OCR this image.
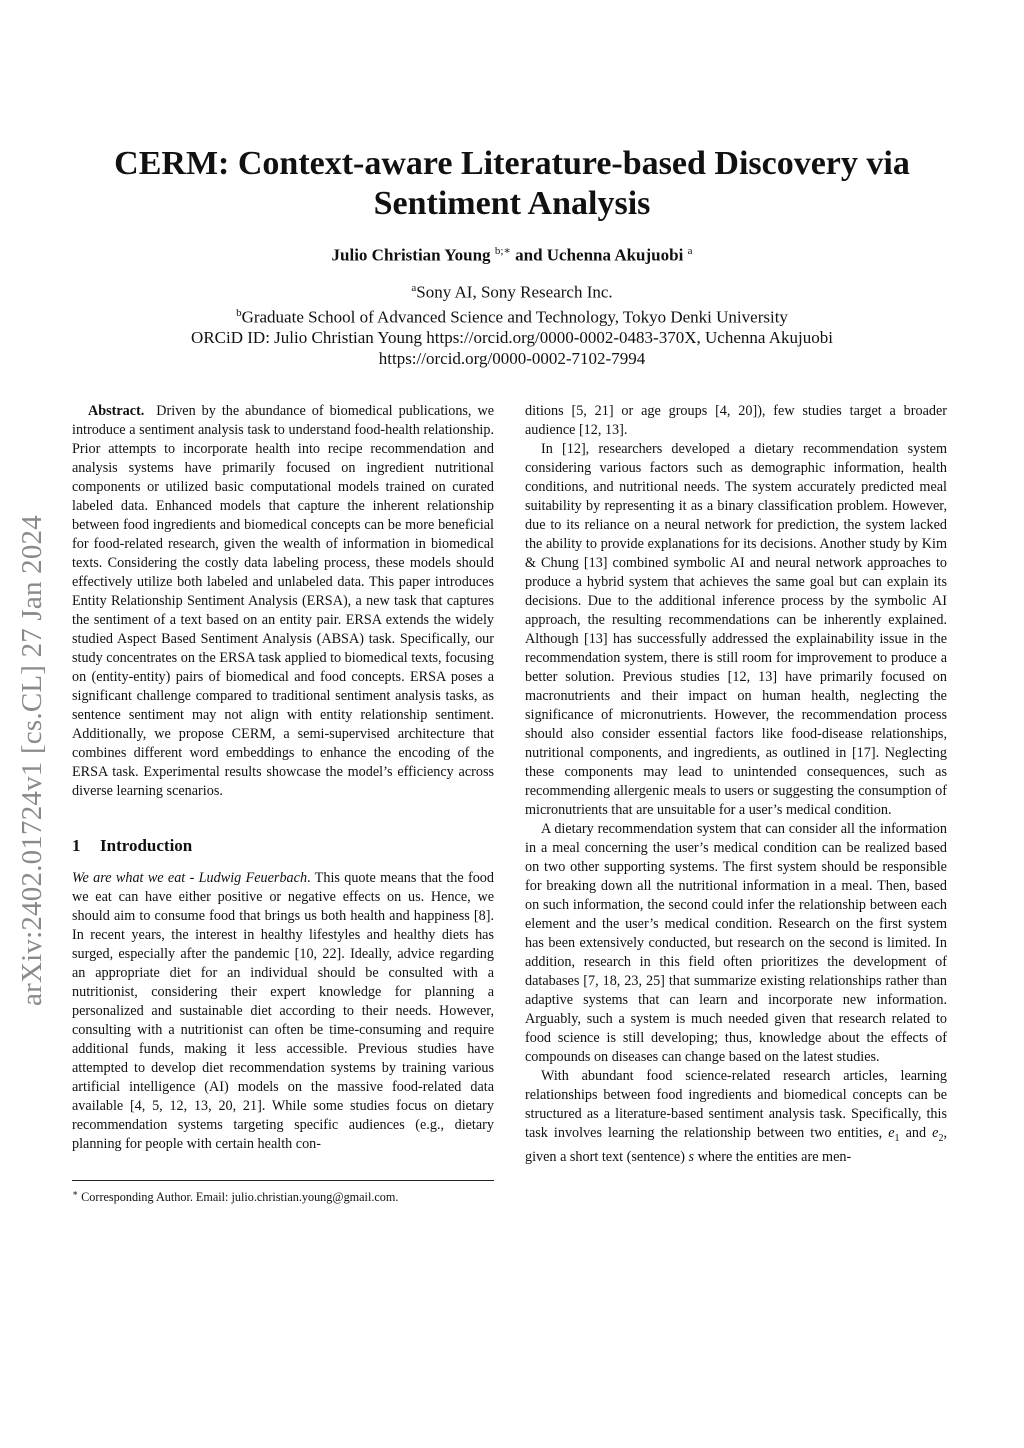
arXiv:2402.01724v1 [cs.CL] 27 Jan 2024
CERM: Context-aware Literature-based Discovery via
Sentiment Analysis
Julio Christian Young $^{b;∗}$ and Uchenna Akujuobi $^a$
$^a$Sony AI, Sony Research Inc.
$^b$Graduate School of Advanced Science and Technology, Tokyo Denki University
ORCiD ID: Julio Christian Young https://orcid.org/0000-0002-0483-370X, Uchenna Akujuobi
https://orcid.org/0000-0002-7102-7994

Abstract. Driven by the abundance of biomedical publications, we introduce a sentiment analysis task to understand food-health relationship. Prior attempts to incorporate health into recipe recommendation and analysis systems have primarily focused on ingredient nutritional components or utilized basic computational models trained on curated labeled data. Enhanced models that capture the inherent relationship between food ingredients and biomedical concepts can be more beneficial for food-related research, given the wealth of information in biomedical texts. Considering the costly data labeling process, these models should effectively utilize both labeled and unlabeled data. This paper introduces Entity Relationship Sentiment Analysis (ERSA), a new task that captures the sentiment of a text based on an entity pair. ERSA extends the widely studied Aspect Based Sentiment Analysis (ABSA) task. Specifically, our study concentrates on the ERSA task applied to biomedical texts, focusing on (entity-entity) pairs of biomedical and food concepts. ERSA poses a significant challenge compared to traditional sentiment analysis tasks, as sentence sentiment may not align with entity relationship sentiment. Additionally, we propose CERM, a semi-supervised architecture that combines different word embeddings to enhance the encoding of the ERSA task. Experimental results showcase the model’s efficiency across diverse learning scenarios.

1 Introduction

We are what we eat - Ludwig Feuerbach. This quote means that the food we eat can have either positive or negative effects on us. Hence, we should aim to consume food that brings us both health and happiness [8]. In recent years, the interest in healthy lifestyles and healthy diets has surged, especially after the pandemic [10, 22]. Ideally, advice regarding an appropriate diet for an individual should be consulted with a nutritionist, considering their expert knowledge for planning a personalized and sustainable diet according to their needs. However, consulting with a nutritionist can often be time-consuming and require additional funds, making it less accessible. Previous studies have attempted to develop diet recommendation systems by training various artificial intelligence (AI) models on the massive food-related data available [4, 5, 12, 13, 20, 21]. While some studies focus on dietary recommendation systems targeting specific audiences (e.g., dietary planning for people with certain health con-

∗ Corresponding Author. Email: julio.christian.young@gmail.com.

ditions [5, 21] or age groups [4, 20]), few studies target a broader audience [12, 13].

In [12], researchers developed a dietary recommendation system considering various factors such as demographic information, health conditions, and nutritional needs. The system accurately predicted meal suitability by representing it as a binary classification problem. However, due to its reliance on a neural network for prediction, the system lacked the ability to provide explanations for its decisions. Another study by Kim & Chung [13] combined symbolic AI and neural network approaches to produce a hybrid system that achieves the same goal but can explain its decisions. Due to the additional inference process by the symbolic AI approach, the resulting recommendations can be inherently explained. Although [13] has successfully addressed the explainability issue in the recommendation system, there is still room for improvement to produce a better solution. Previous studies [12, 13] have primarily focused on macronutrients and their impact on human health, neglecting the significance of micronutrients. However, the recommendation process should also consider essential factors like food-disease relationships, nutritional components, and ingredients, as outlined in [17]. Neglecting these components may lead to unintended consequences, such as recommending allergenic meals to users or suggesting the consumption of micronutrients that are unsuitable for a user’s medical condition.

A dietary recommendation system that can consider all the information in a meal concerning the user’s medical condition can be realized based on two other supporting systems. The first system should be responsible for breaking down all the nutritional information in a meal. Then, based on such information, the second could infer the relationship between each element and the user’s medical condition. Research on the first system has been extensively conducted, but research on the second is limited. In addition, research in this field often prioritizes the development of databases [7, 18, 23, 25] that summarize existing relationships rather than adaptive systems that can learn and incorporate new information. Arguably, such a system is much needed given that research related to food science is still developing; thus, knowledge about the effects of compounds on diseases can change based on the latest studies.

With abundant food science-related research articles, learning relationships between food ingredients and biomedical concepts can be structured as a literature-based sentiment analysis task. Specifically, this task involves learning the relationship between two entities, $e_1$ and $e_2$, given a short text (sentence) s where the entities are men-
